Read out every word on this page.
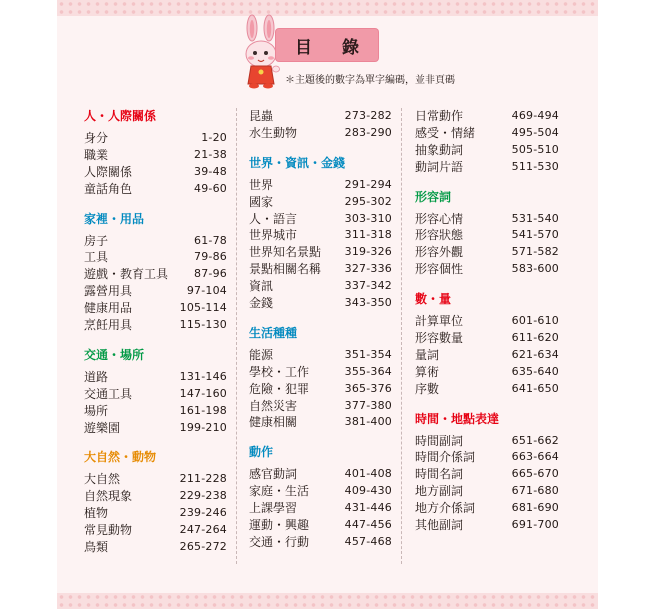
目 錄
＊主題後的數字為單字編碼，並非頁碼
人・人際關係
身分	1-20
職業	21-38
人際關係	39-48
童話角色	49-60
家裡・用品
房子	61-78
工具	79-86
遊戲・教育工具 87-96
露營用具	97-104
健康用品	105-114
烹飪用具	115-130
交通・場所
道路	131-146
交通工具	147-160
場所	161-198
遊樂園	199-210
大自然・動物
大自然	211-228
自然現象	229-238
植物	239-246
常見動物	247-264
鳥類	265-272
昆蟲	273-282
水生動物	283-290
世界・資訊・金錢
世界	291-294
國家	295-302
人・語言	303-310
世界城市	311-318
世界知名景點 319-326
景點相關名稱 327-336
資訊	337-342
金錢	343-350
生活種種
能源	351-354
學校・工作	355-364
危險・犯罪	365-376
自然災害	377-380
健康相關	381-400
動作
感官動詞	401-408
家庭・生活	409-430
上課學習	431-446
運動・興趣	447-456
交通・行動	457-468
日常動作	469-494
感受・情緒	495-504
抽象動詞	505-510
動詞片語	511-530
形容詞
形容心情	531-540
形容狀態	541-570
形容外觀	571-582
形容個性	583-600
數・量
計算單位	601-610
形容數量	611-620
量詞	621-634
算術	635-640
序數	641-650
時間・地點表達
時間副詞	651-662
時間介係詞	663-664
時間名詞	665-670
地方副詞	671-680
地方介係詞	681-690
其他副詞	691-700
